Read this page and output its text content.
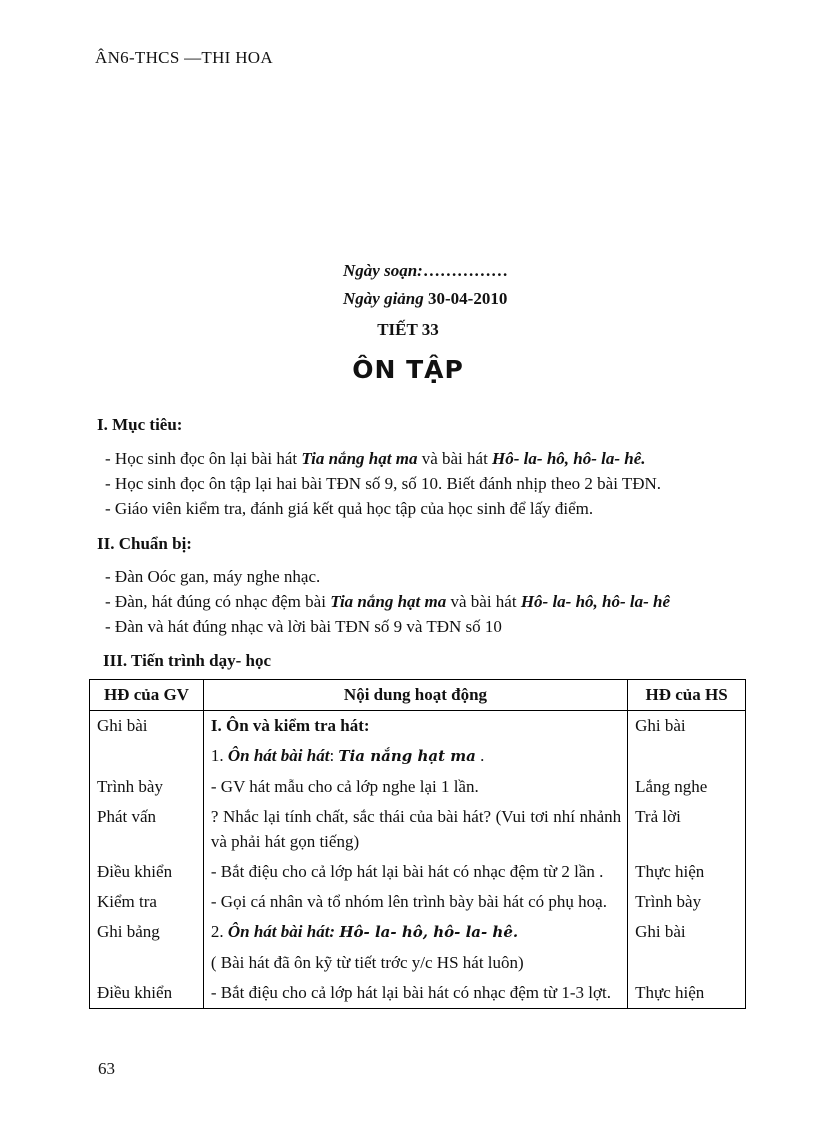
ÂN6-THCS —THI HOA
Ngày soạn:……………
Ngày giảng 30-04-2010
TIẾT 33
ÔN TẬP
I. Mục tiêu:
- Học sinh đọc ôn lại bài hát Tia nắng hạt ma và bài hát Hô- la- hô, hô- la- hê.
- Học sinh đọc ôn tập lại hai bài TĐN số 9, số 10. Biết đánh nhịp theo 2 bài TĐN.
- Giáo viên kiểm tra, đánh giá kết quả học tập của học sinh để lấy điểm.
II. Chuẩn bị:
- Đàn Oóc gan, máy nghe nhạc.
- Đàn, hát đúng có nhạc đệm bài Tia nắng hạt ma và bài hát Hô- la- hô, hô- la- hê
- Đàn và hát đúng nhạc và lời bài TĐN số 9 và TĐN số 10
III. Tiến trình dạy- học
HĐ của GV	Nội dung hoạt động	HĐ của HS
Ghi bài	I. Ôn và kiểm tra hát:	Ghi bài
	1. Ôn hát bài hát: Tia nắng hạt ma .	
Trình bày	- GV hát mẫu cho cả lớp nghe lại 1 lần.	Lắng nghe
Phát vấn	? Nhắc lại tính chất, sắc thái của bài hát? (Vui tơi nhí nhảnh và phải hát gọn tiếng)	Trả lời
Điều khiển	- Bắt điệu cho cả lớp hát lại bài hát có nhạc đệm từ 2 lần .	Thực hiện
Kiểm tra	- Gọi cá nhân và tổ nhóm lên trình bày bài hát có phụ hoạ.	Trình bày
Ghi bảng	2. Ôn hát bài hát: Hô- la- hô, hô- la- hê.	Ghi bài
	( Bài hát đã ôn kỹ từ tiết trớc y/c HS hát luôn)	
Điều khiển	- Bắt điệu cho cả lớp hát lại bài hát có nhạc đệm từ 1-3 lợt.	Thực hiện
63
